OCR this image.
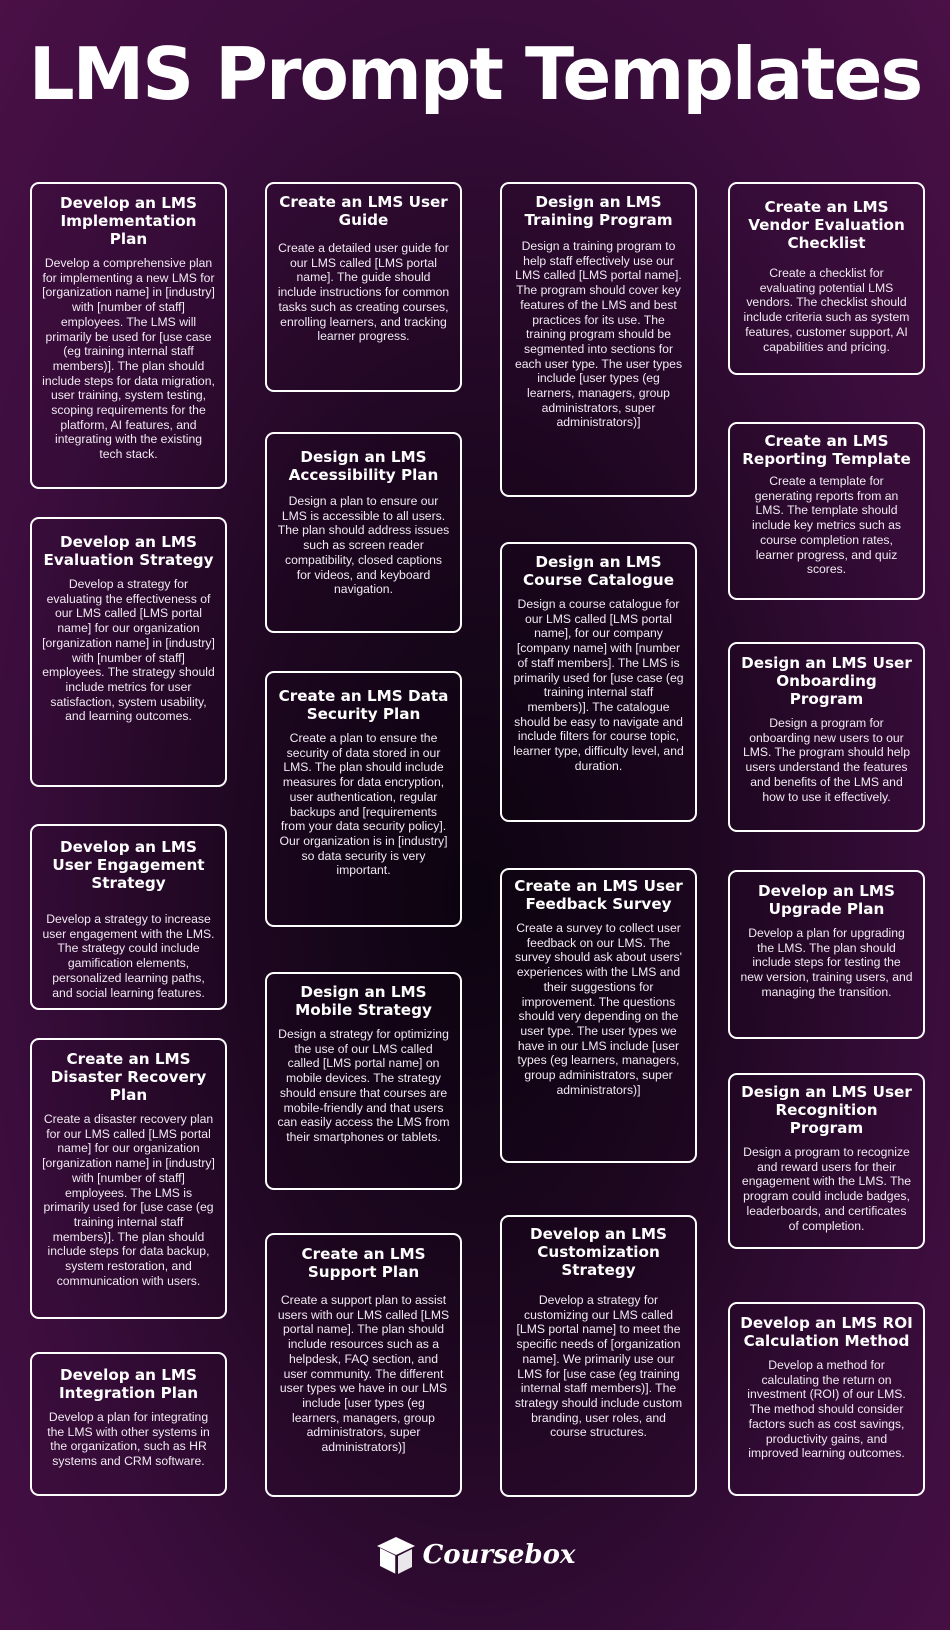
LMS Prompt Templates
Develop an LMS Implementation Plan

Develop a comprehensive plan for implementing a new LMS for [organization name] in [industry] with [number of staff] employees. The LMS will primarily be used for [use case (eg training internal staff members)]. The plan should include steps for data migration, user training, system testing, scoping requirements for the platform, AI features, and integrating with the existing tech stack.

Develop an LMS Evaluation Strategy

Develop a strategy for evaluating the effectiveness of our LMS called [LMS portal name] for our organization [organization name] in [industry] with [number of staff] employees. The strategy should include metrics for user satisfaction, system usability, and learning outcomes.

Develop an LMS User Engagement Strategy

Develop a strategy to increase user engagement with the LMS. The strategy could include gamification elements, personalized learning paths, and social learning features.

Create an LMS Disaster Recovery Plan

Create a disaster recovery plan for our LMS called [LMS portal name] for our organization [organization name] in [industry] with [number of staff] employees. The LMS is primarily used for [use case (eg training internal staff members)]. The plan should include steps for data backup, system restoration, and communication with users.

Develop an LMS Integration Plan

Develop a plan for integrating the LMS with other systems in the organization, such as HR systems and CRM software.

Create an LMS User Guide

Create a detailed user guide for our LMS called [LMS portal name]. The guide should include instructions for common tasks such as creating courses, enrolling learners, and tracking learner progress.

Design an LMS Accessibility Plan

Design a plan to ensure our LMS is accessible to all users. The plan should address issues such as screen reader compatibility, closed captions for videos, and keyboard navigation.

Create an LMS Data Security Plan

Create a plan to ensure the security of data stored in our LMS. The plan should include measures for data encryption, user authentication, regular backups and [requirements from your data security policy]. Our organization is in [industry] so data security is very important.

Design an LMS Mobile Strategy

Design a strategy for optimizing the use of our LMS called called [LMS portal name] on mobile devices. The strategy should ensure that courses are mobile-friendly and that users can easily access the LMS from their smartphones or tablets.

Create an LMS Support Plan

Create a support plan to assist users with our LMS called [LMS portal name]. The plan should include resources such as a helpdesk, FAQ section, and user community. The different user types we have in our LMS include [user types (eg learners, managers, group administrators, super administrators)]

Design an LMS Training Program

Design a training program to help staff effectively use our LMS called [LMS portal name]. The program should cover key features of the LMS and best practices for its use. The training program should be segmented into sections for each user type. The user types include [user types (eg learners, managers, group administrators, super administrators)]

Design an LMS Course Catalogue

Design a course catalogue for our LMS called [LMS portal name], for our company [company name] with [number of staff members]. The LMS is primarily used for [use case (eg training internal staff members)]. The catalogue should be easy to navigate and include filters for course topic, learner type, difficulty level, and duration.

Create an LMS User Feedback Survey

Create a survey to collect user feedback on our LMS. The survey should ask about users' experiences with the LMS and their suggestions for improvement. The questions should very depending on the user type. The user types we have in our LMS include [user types (eg learners, managers, group administrators, super administrators)]

Develop an LMS Customization Strategy

Develop a strategy for customizing our LMS called [LMS portal name] to meet the specific needs of [organization name]. We primarily use our LMS for [use case (eg training internal staff members)]. The strategy should include custom branding, user roles, and course structures.

Create an LMS Vendor Evaluation Checklist

Create a checklist for evaluating potential LMS vendors. The checklist should include criteria such as system features, customer support, AI capabilities and pricing.

Create an LMS Reporting Template

Create a template for generating reports from an LMS. The template should include key metrics such as course completion rates, learner progress, and quiz scores.

Design an LMS User Onboarding Program

Design a program for onboarding new users to our LMS. The program should help users understand the features and benefits of the LMS and how to use it effectively.

Develop an LMS Upgrade Plan

Develop a plan for upgrading the LMS. The plan should include steps for testing the new version, training users, and managing the transition.

Design an LMS User Recognition Program

Design a program to recognize and reward users for their engagement with the LMS. The program could include badges, leaderboards, and certificates of completion.

Develop an LMS ROI Calculation Method

Develop a method for calculating the return on investment (ROI) of our LMS. The method should consider factors such as cost savings, productivity gains, and improved learning outcomes.

Coursebox
